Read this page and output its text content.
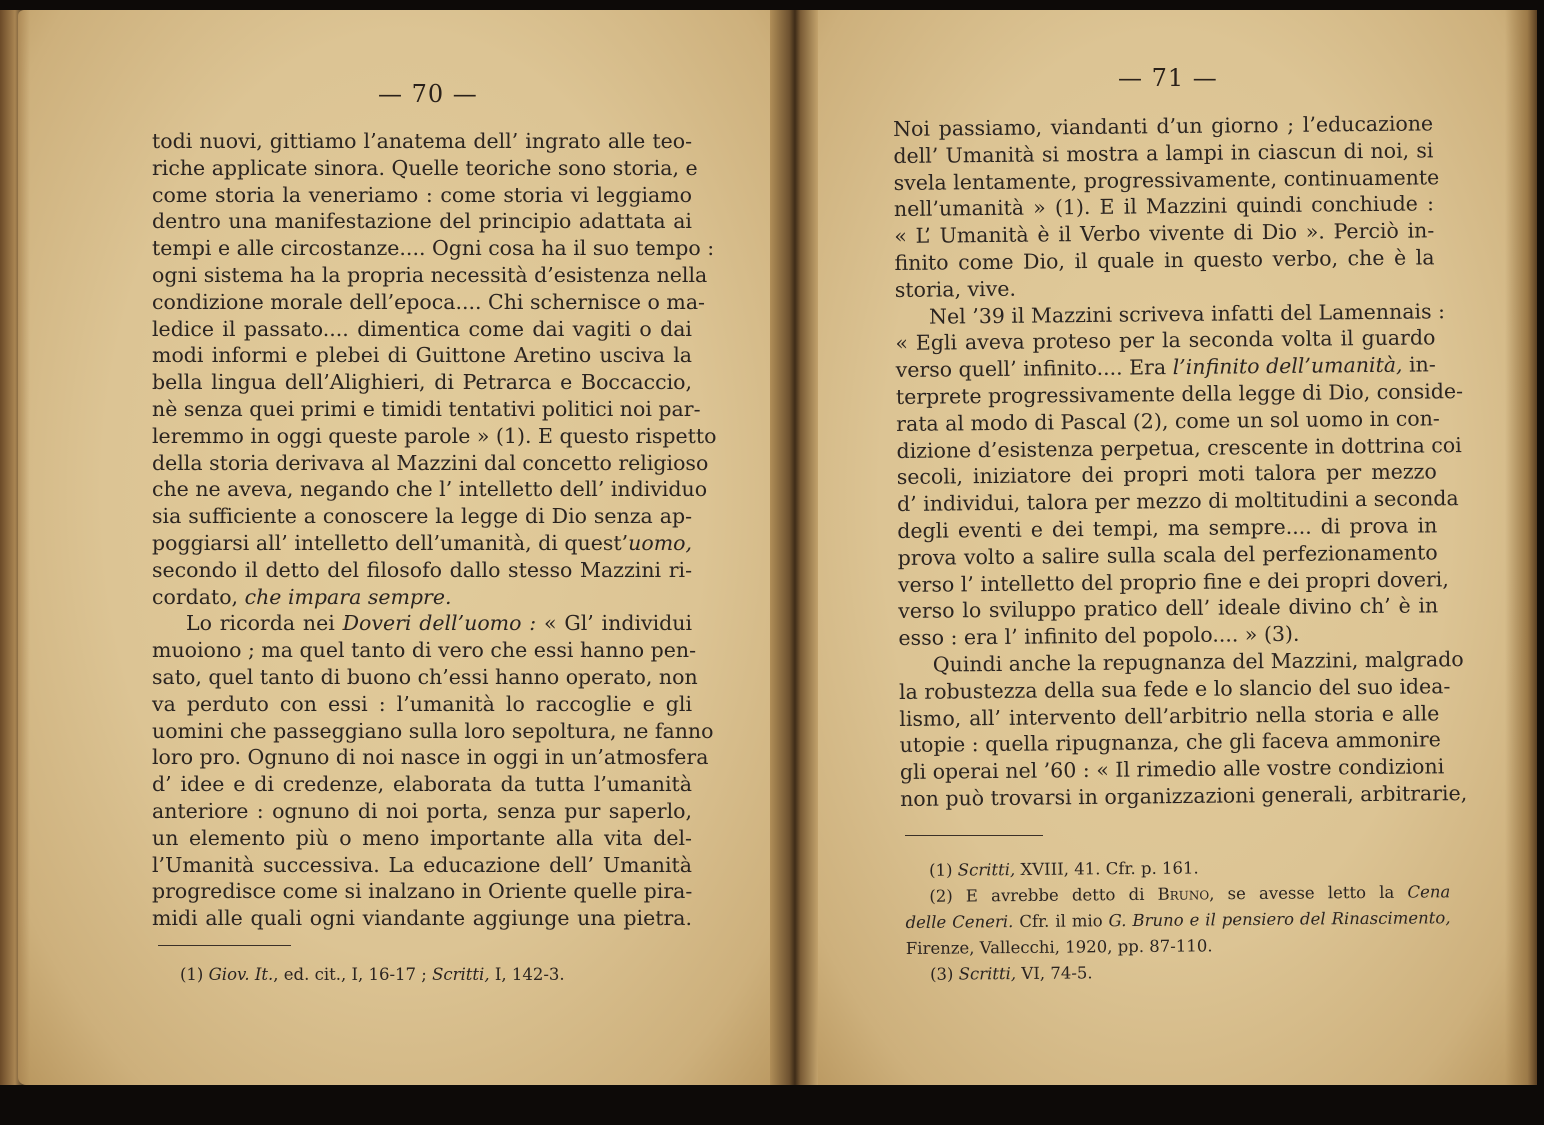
— 70 —
todi nuovi, gittiamo l’anatema dell’ ingrato alle teo-
riche applicate sinora. Quelle teoriche sono storia, e
come storia la veneriamo : come storia vi leggiamo
dentro una manifestazione del principio adattata ai
tempi e alle circostanze.... Ogni cosa ha il suo tempo :
ogni sistema ha la propria necessità d’esistenza nella
condizione morale dell’epoca.... Chi schernisce o ma-
ledice il passato.... dimentica come dai vagiti o dai
modi informi e plebei di Guittone Aretino usciva la
bella lingua dell’Alighieri, di Petrarca e Boccaccio,
nè senza quei primi e timidi tentativi politici noi par-
leremmo in oggi queste parole » (1). E questo rispetto
della storia derivava al Mazzini dal concetto religioso
che ne aveva, negando che l’ intelletto dell’ individuo
sia sufficiente a conoscere la legge di Dio senza ap-
poggiarsi all’ intelletto dell’umanità, di quest’uomo,
secondo il detto del filosofo dallo stesso Mazzini ri-
cordato, che impara sempre.
Lo ricorda nei Doveri dell’uomo : « Gl’ individui
muoiono ; ma quel tanto di vero che essi hanno pen-
sato, quel tanto di buono ch’essi hanno operato, non
va perduto con essi : l’umanità lo raccoglie e gli
uomini che passeggiano sulla loro sepoltura, ne fanno
loro pro. Ognuno di noi nasce in oggi in un’atmosfera
d’ idee e di credenze, elaborata da tutta l’umanità
anteriore : ognuno di noi porta, senza pur saperlo,
un elemento più o meno importante alla vita del-
l’Umanità successiva. La educazione dell’ Umanità
progredisce come si inalzano in Oriente quelle pira-
midi alle quali ogni viandante aggiunge una pietra.
(1) Giov. It., ed. cit., I, 16-17 ; Scritti, I, 142-3.
— 71 —
Noi passiamo, viandanti d’un giorno ; l’educazione
dell’ Umanità si mostra a lampi in ciascun di noi, si
svela lentamente, progressivamente, continuamente
nell’umanità » (1). E il Mazzini quindi conchiude :
« L’ Umanità è il Verbo vivente di Dio ». Perciò in-
finito come Dio, il quale in questo verbo, che è la
storia, vive.
Nel ’39 il Mazzini scriveva infatti del Lamennais :
« Egli aveva proteso per la seconda volta il guardo
verso quell’ infinito.... Era l’infinito dell’umanità, in-
terprete progressivamente della legge di Dio, conside-
rata al modo di Pascal (2), come un sol uomo in con-
dizione d’esistenza perpetua, crescente in dottrina coi
secoli, iniziatore dei propri moti talora per mezzo
d’ individui, talora per mezzo di moltitudini a seconda
degli eventi e dei tempi, ma sempre.... di prova in
prova volto a salire sulla scala del perfezionamento
verso l’ intelletto del proprio fine e dei propri doveri,
verso lo sviluppo pratico dell’ ideale divino ch’ è in
esso : era l’ infinito del popolo.... » (3).
Quindi anche la repugnanza del Mazzini, malgrado
la robustezza della sua fede e lo slancio del suo idea-
lismo, all’ intervento dell’arbitrio nella storia e alle
utopie : quella ripugnanza, che gli faceva ammonire
gli operai nel ’60 : « Il rimedio alle vostre condizioni
non può trovarsi in organizzazioni generali, arbitrarie,
(1) Scritti, XVIII, 41. Cfr. p. 161.
(2) E avrebbe detto di Bruno, se avesse letto la Cena
delle Ceneri. Cfr. il mio G. Bruno e il pensiero del Rinascimento,
Firenze, Vallecchi, 1920, pp. 87-110.
(3) Scritti, VI, 74-5.
